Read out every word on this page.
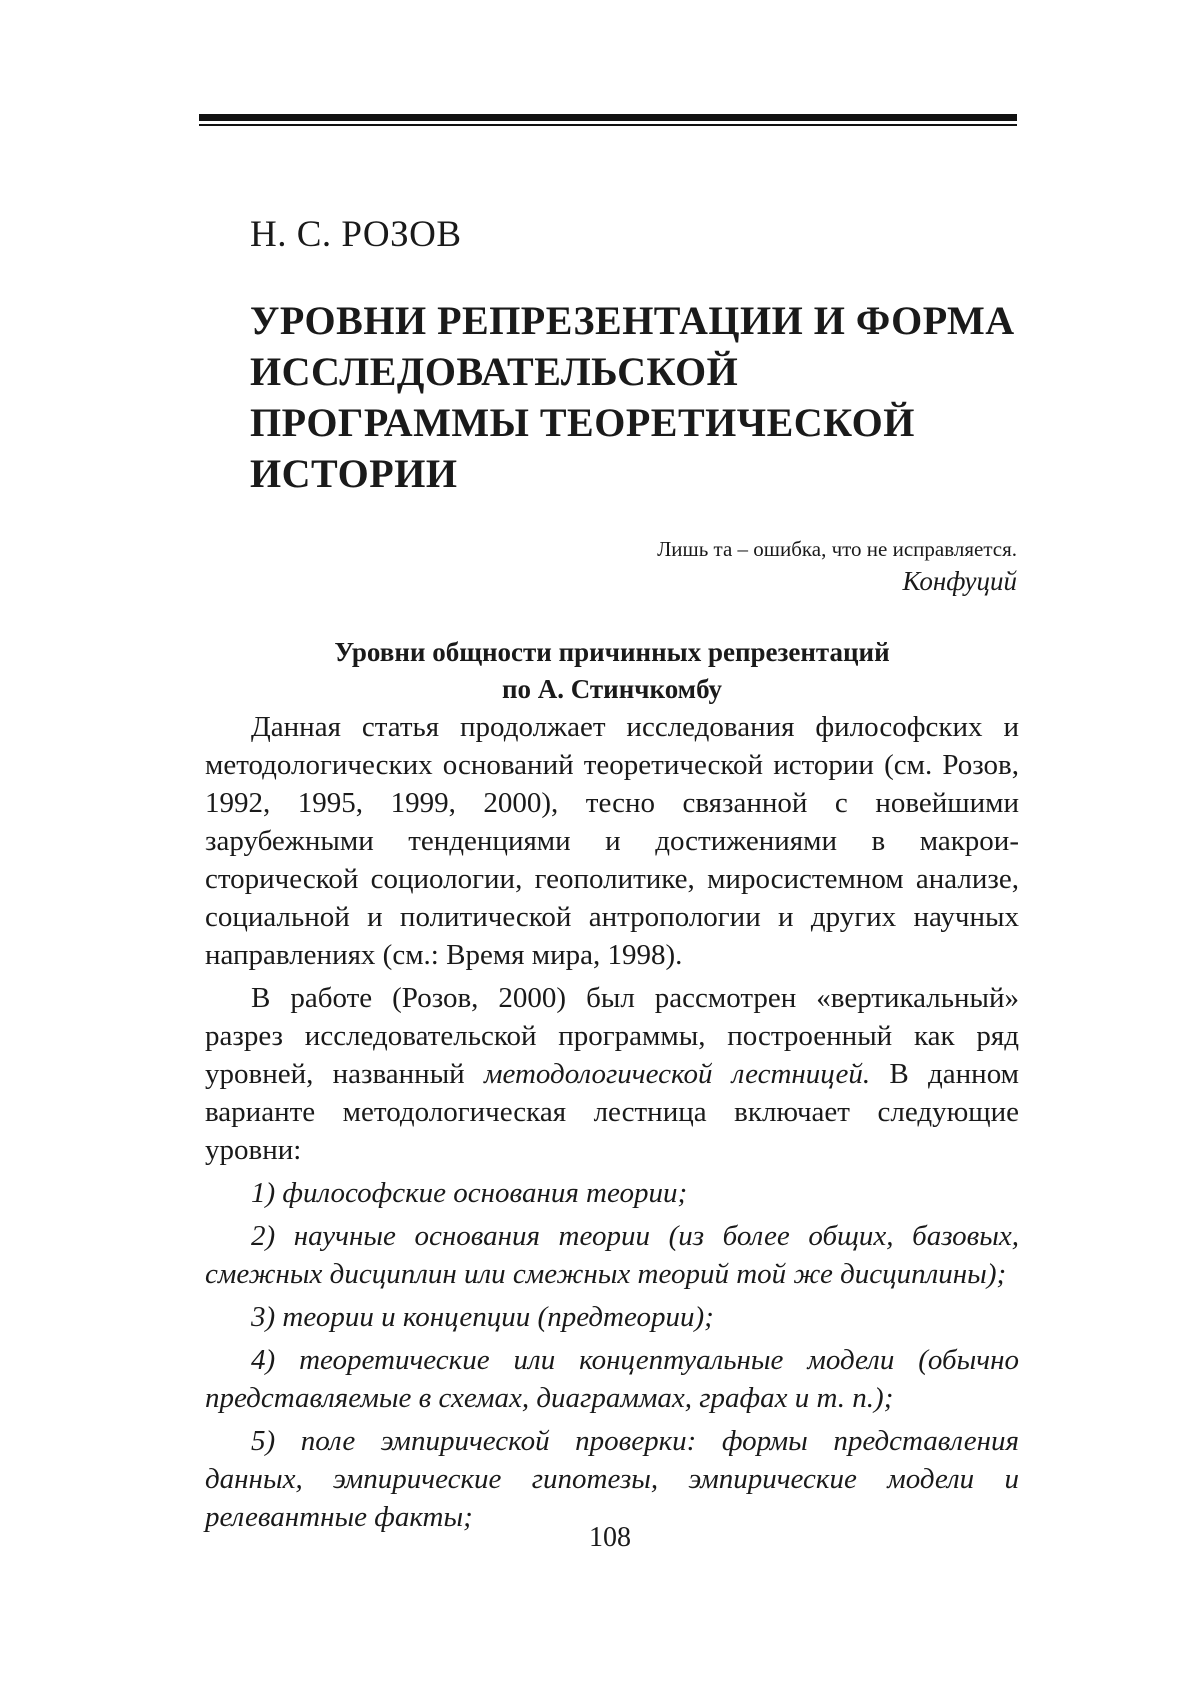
Н. С. РОЗОВ
УРОВНИ РЕПРЕЗЕНТАЦИИ И ФОРМА
ИССЛЕДОВАТЕЛЬСКОЙ
ПРОГРАММЫ ТЕОРЕТИЧЕСКОЙ
ИСТОРИИ
Лишь та – ошибка, что не исправляется.
Конфуций
Уровни общности причинных репрезентаций
по А. Стинчкомбу

Данная статья продолжает исследования философских и методологических оснований теоретической истории (см. Розов, 1992, 1995, 1999, 2000), тесно связанной с новейшими зарубежными тенденциями и достижениями в макроисторической социологии, геополитике, миросистемном анализе, социальной и политической антропологии и других научных направлениях (см.: Время мира, 1998).

В работе (Розов, 2000) был рассмотрен «вертикальный» разрез исследовательской программы, построенный как ряд уровней, названный методологической лестницей. В данном варианте методологическая лестница включает следующие уровни:

1) философские основания теории;

2) научные основания теории (из более общих, базовых, смежных дисциплин или смежных теорий той же дисциплины);

3) теории и концепции (предтеории);

4) теоретические или концептуальные модели (обычно представляемые в схемах, диаграммах, графах и т. п.);

5) поле эмпирической проверки: формы представления данных, эмпирические гипотезы, эмпирические модели и релевантные факты;

108
